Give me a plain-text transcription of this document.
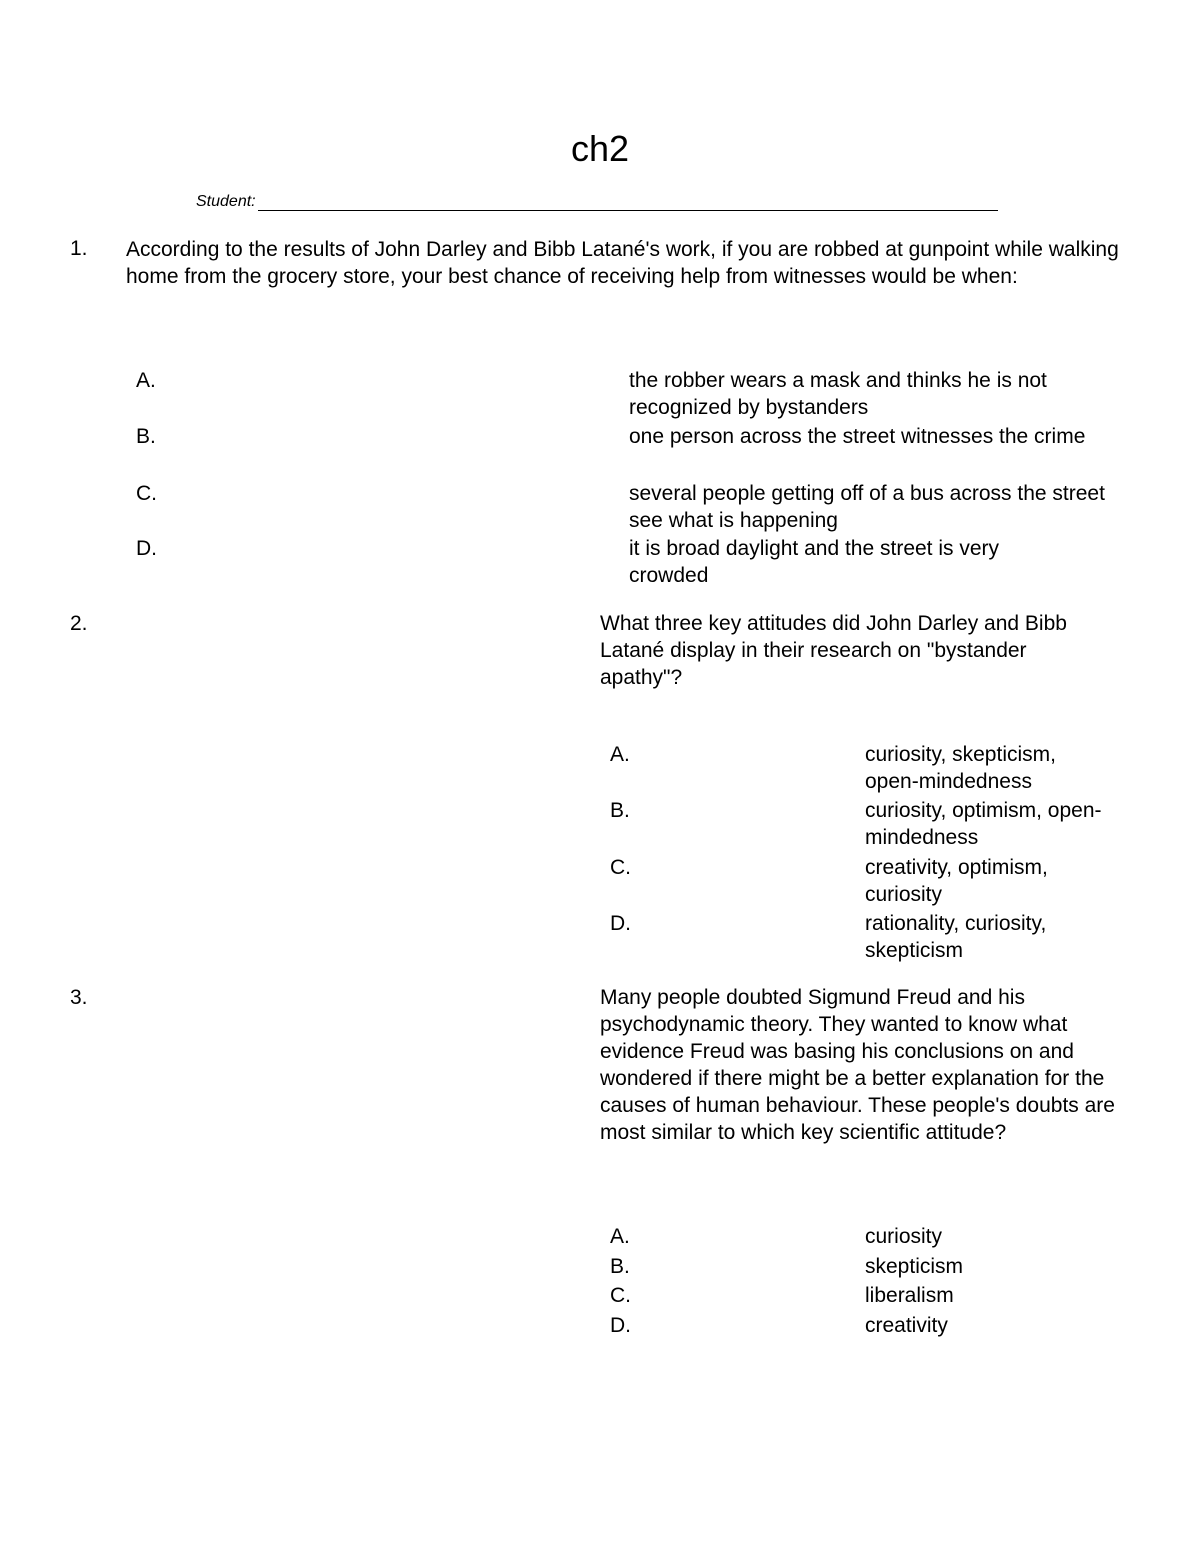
ch2
Student:
1. According to the results of John Darley and Bibb Latané's work, if you are robbed at gunpoint while walking home from the grocery store, your best chance of receiving help from witnesses would be when:
A.	the robber wears a mask and thinks he is not recognized by bystanders
B.	one person across the street witnesses the crime
C.	several people getting off of a bus across the street see what is happening
D.	it is broad daylight and the street is very crowded
2.	What three key attitudes did John Darley and Bibb Latané display in their research on "bystander apathy"?
A.	curiosity, skepticism, open-mindedness
B.	curiosity, optimism, open-mindedness
C.	creativity, optimism, curiosity
D.	rationality, curiosity, skepticism
3.	Many people doubted Sigmund Freud and his psychodynamic theory. They wanted to know what evidence Freud was basing his conclusions on and wondered if there might be a better explanation for the causes of human behaviour. These people's doubts are most similar to which key scientific attitude?
A.	curiosity
B.	skepticism
C.	liberalism
D.	creativity
